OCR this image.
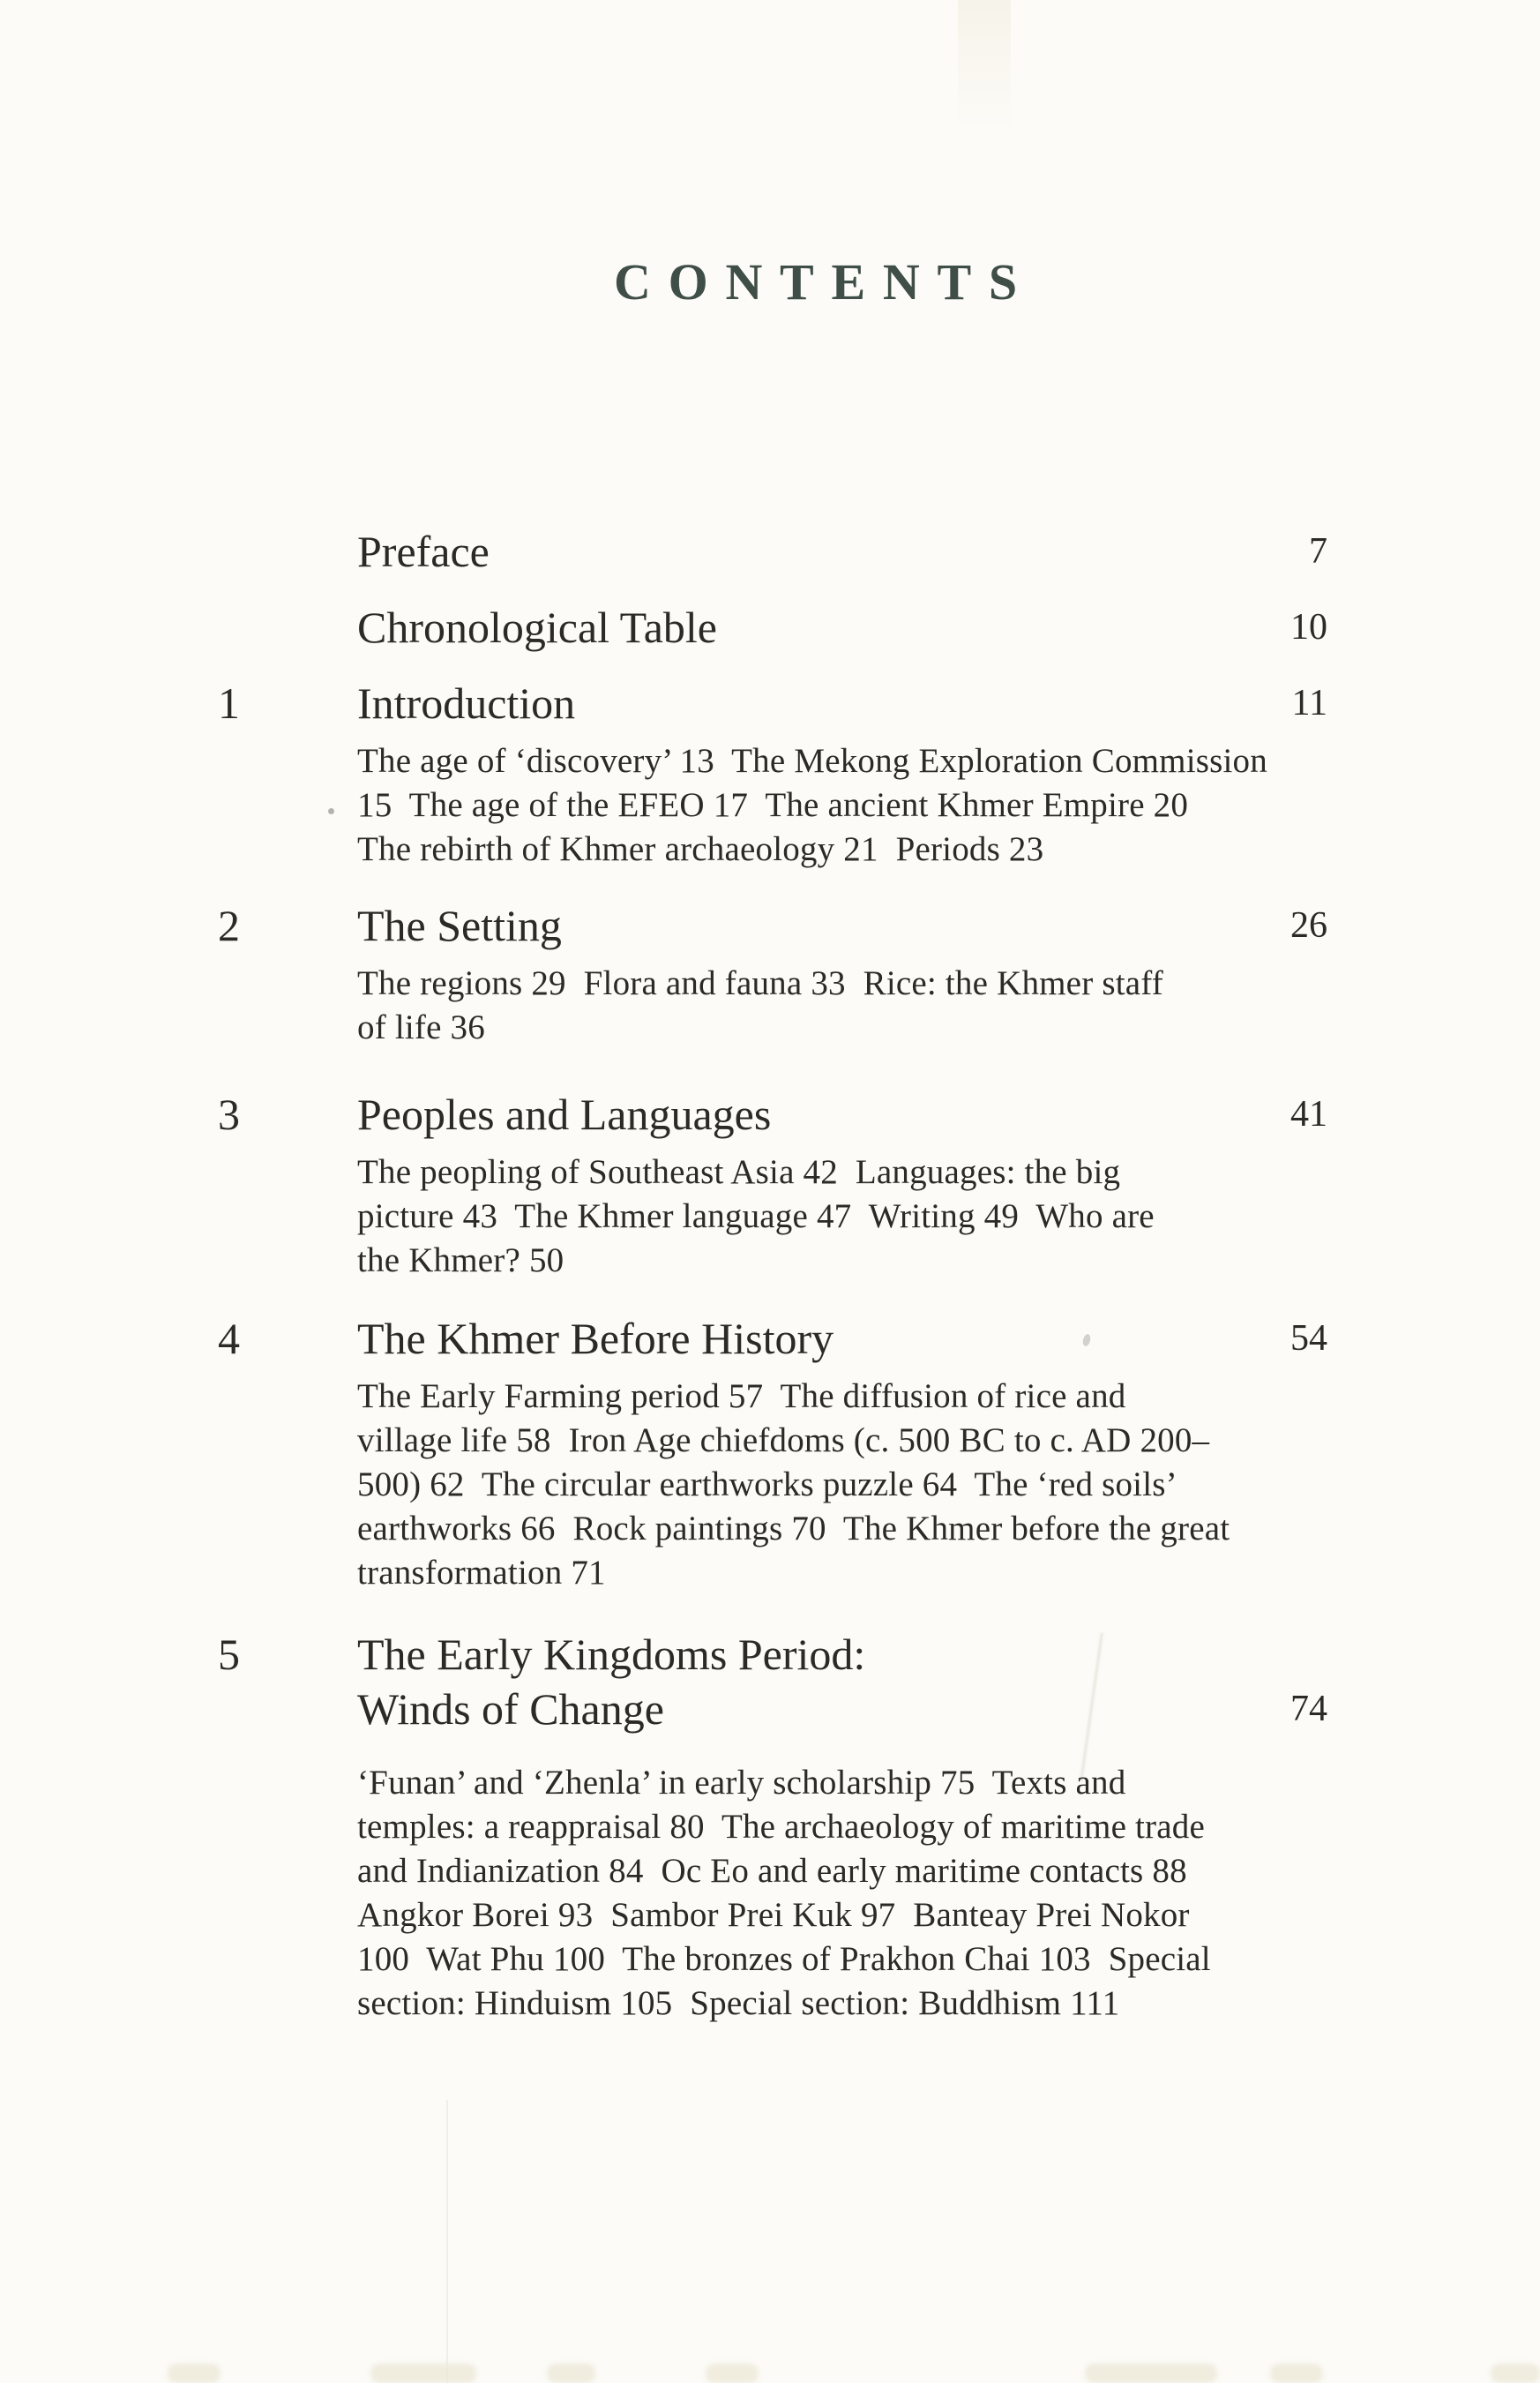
CONTENTS
Preface	7
Chronological Table	10
1	Introduction	11
The age of ‘discovery’ 13  The Mekong Exploration Commission
15  The age of the EFEO 17  The ancient Khmer Empire 20
The rebirth of Khmer archaeology 21  Periods 23
2	The Setting	26
The regions 29  Flora and fauna 33  Rice: the Khmer staff
of life 36
3	Peoples and Languages	41
The peopling of Southeast Asia 42  Languages: the big
picture 43  The Khmer language 47  Writing 49  Who are
the Khmer? 50
4	The Khmer Before History	54
The Early Farming period 57  The diffusion of rice and
village life 58  Iron Age chiefdoms (c. 500 BC to c. AD 200–
500) 62  The circular earthworks puzzle 64  The ‘red soils’
earthworks 66  Rock paintings 70  The Khmer before the great
transformation 71
5	The Early Kingdoms Period:
Winds of Change	74
‘Funan’ and ‘Zhenla’ in early scholarship 75  Texts and
temples: a reappraisal 80  The archaeology of maritime trade
and Indianization 84  Oc Eo and early maritime contacts 88
Angkor Borei 93  Sambor Prei Kuk 97  Banteay Prei Nokor
100  Wat Phu 100  The bronzes of Prakhon Chai 103  Special
section: Hinduism 105  Special section: Buddhism 111
